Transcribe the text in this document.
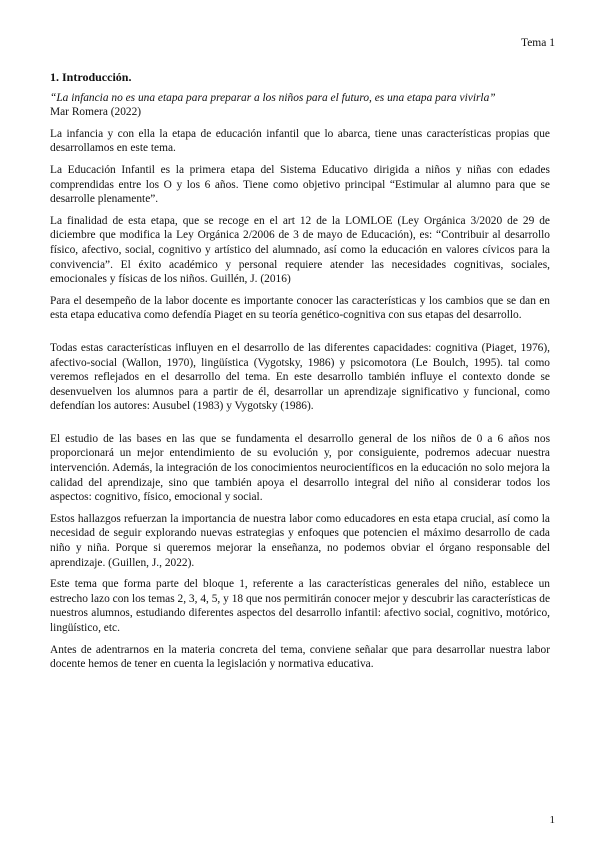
Tema 1
1. Introducción.

“La infancia no es una etapa para preparar a los niños para el futuro, es una etapa para vivirla”

Mar Romera (2022)

La infancia y con ella la etapa de educación infantil que lo abarca, tiene unas características propias que desarrollamos en este tema.

La Educación Infantil es la primera etapa del Sistema Educativo dirigida a niños y niñas con edades comprendidas entre los O y los 6 años. Tiene como objetivo principal “Estimular al alumno para que se desarrolle plenamente”.

La finalidad de esta etapa, que se recoge en el art 12 de la LOMLOE (Ley Orgánica 3/2020 de 29 de diciembre que modifica la Ley Orgánica 2/2006 de 3 de mayo de Educación), es: “Contribuir al desarrollo físico, afectivo, social, cognitivo y artístico del alumnado, así como la educación en valores cívicos para la convivencia”. El éxito académico y personal requiere atender las necesidades cognitivas, sociales, emocionales y físicas de los niños. Guillén, J. (2016)

Para el desempeño de la labor docente es importante conocer las características y los cambios que se dan en esta etapa educativa como defendía Piaget en su teoría genético-cognitiva con sus etapas del desarrollo.

Todas estas características influyen en el desarrollo de las diferentes capacidades: cognitiva (Piaget, 1976), afectivo-social (Wallon, 1970), lingüística (Vygotsky, 1986) y psicomotora (Le Boulch, 1995). tal como veremos reflejados en el desarrollo del tema. En este desarrollo también influye el contexto donde se desenvuelven los alumnos para a partir de él, desarrollar un aprendizaje significativo y funcional, como defendían los autores: Ausubel (1983) y Vygotsky (1986).

El estudio de las bases en las que se fundamenta el desarrollo general de los niños de 0 a 6 años nos proporcionará un mejor entendimiento de su evolución y, por consiguiente, podremos adecuar nuestra intervención. Además, la integración de los conocimientos neurocientíficos en la educación no solo mejora la calidad del aprendizaje, sino que también apoya el desarrollo integral del niño al considerar todos los aspectos: cognitivo, físico, emocional y social.

Estos hallazgos refuerzan la importancia de nuestra labor como educadores en esta etapa crucial, así como la necesidad de seguir explorando nuevas estrategias y enfoques que potencien el máximo desarrollo de cada niño y niña. Porque si queremos mejorar la enseñanza, no podemos obviar el órgano responsable del aprendizaje. (Guillen, J., 2022).

Este tema que forma parte del bloque 1, referente a las características generales del niño, establece un estrecho lazo con los temas 2, 3, 4, 5, y 18 que nos permitirán conocer mejor y descubrir las características de nuestros alumnos, estudiando diferentes aspectos del desarrollo infantil: afectivo social, cognitivo, motórico, lingüístico, etc.

Antes de adentrarnos en la materia concreta del tema, conviene señalar que para desarrollar nuestra labor docente hemos de tener en cuenta la legislación y normativa educativa.

1
